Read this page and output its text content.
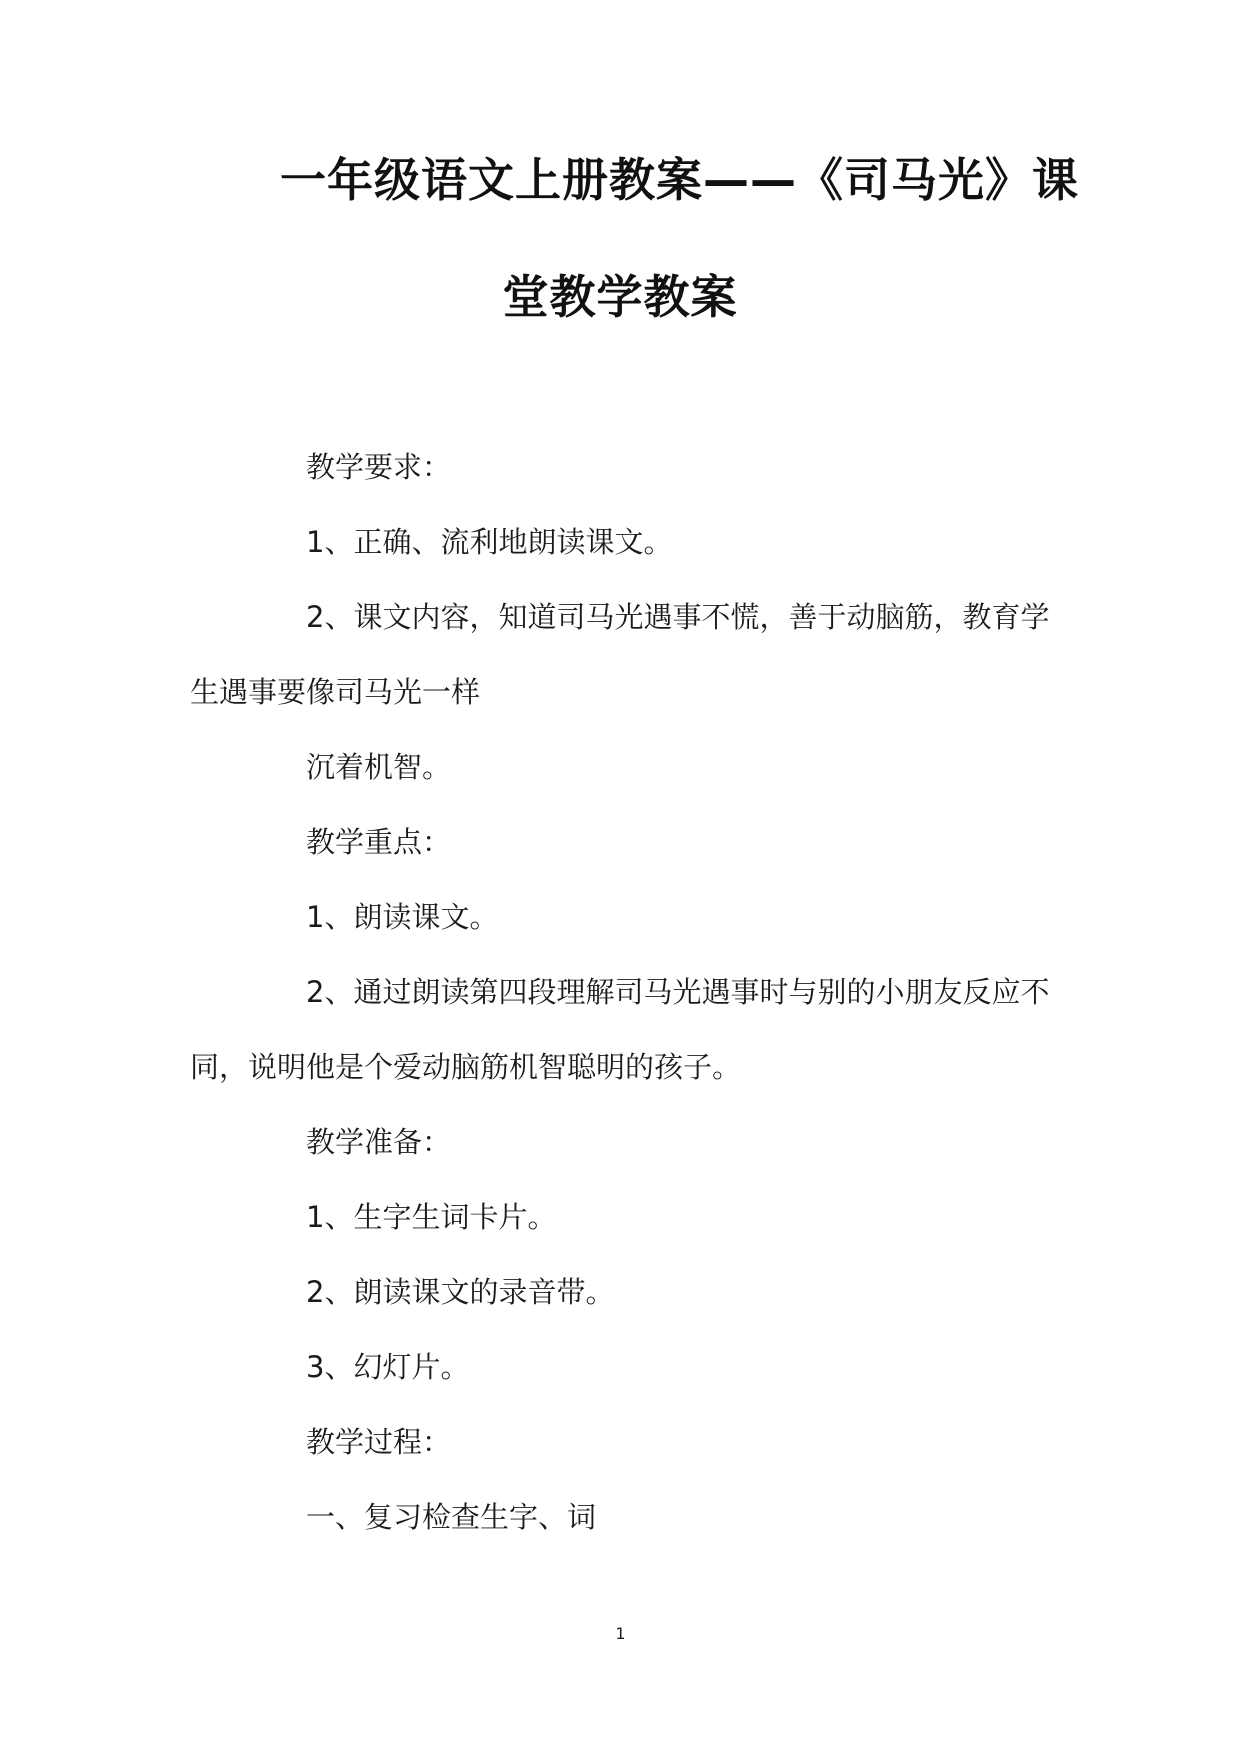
一年级语文上册教案——《司马光》课
堂教学教案
教学要求：
1、正确、流利地朗读课文。
2、课文内容，知道司马光遇事不慌，善于动脑筋，教育学
生遇事要像司马光一样
沉着机智。
教学重点：
1、朗读课文。
2、通过朗读第四段理解司马光遇事时与别的小朋友反应不
同，说明他是个爱动脑筋机智聪明的孩子。
教学准备：
1、生字生词卡片。
2、朗读课文的录音带。
3、幻灯片。
教学过程：
一、复习检查生字、词
1
